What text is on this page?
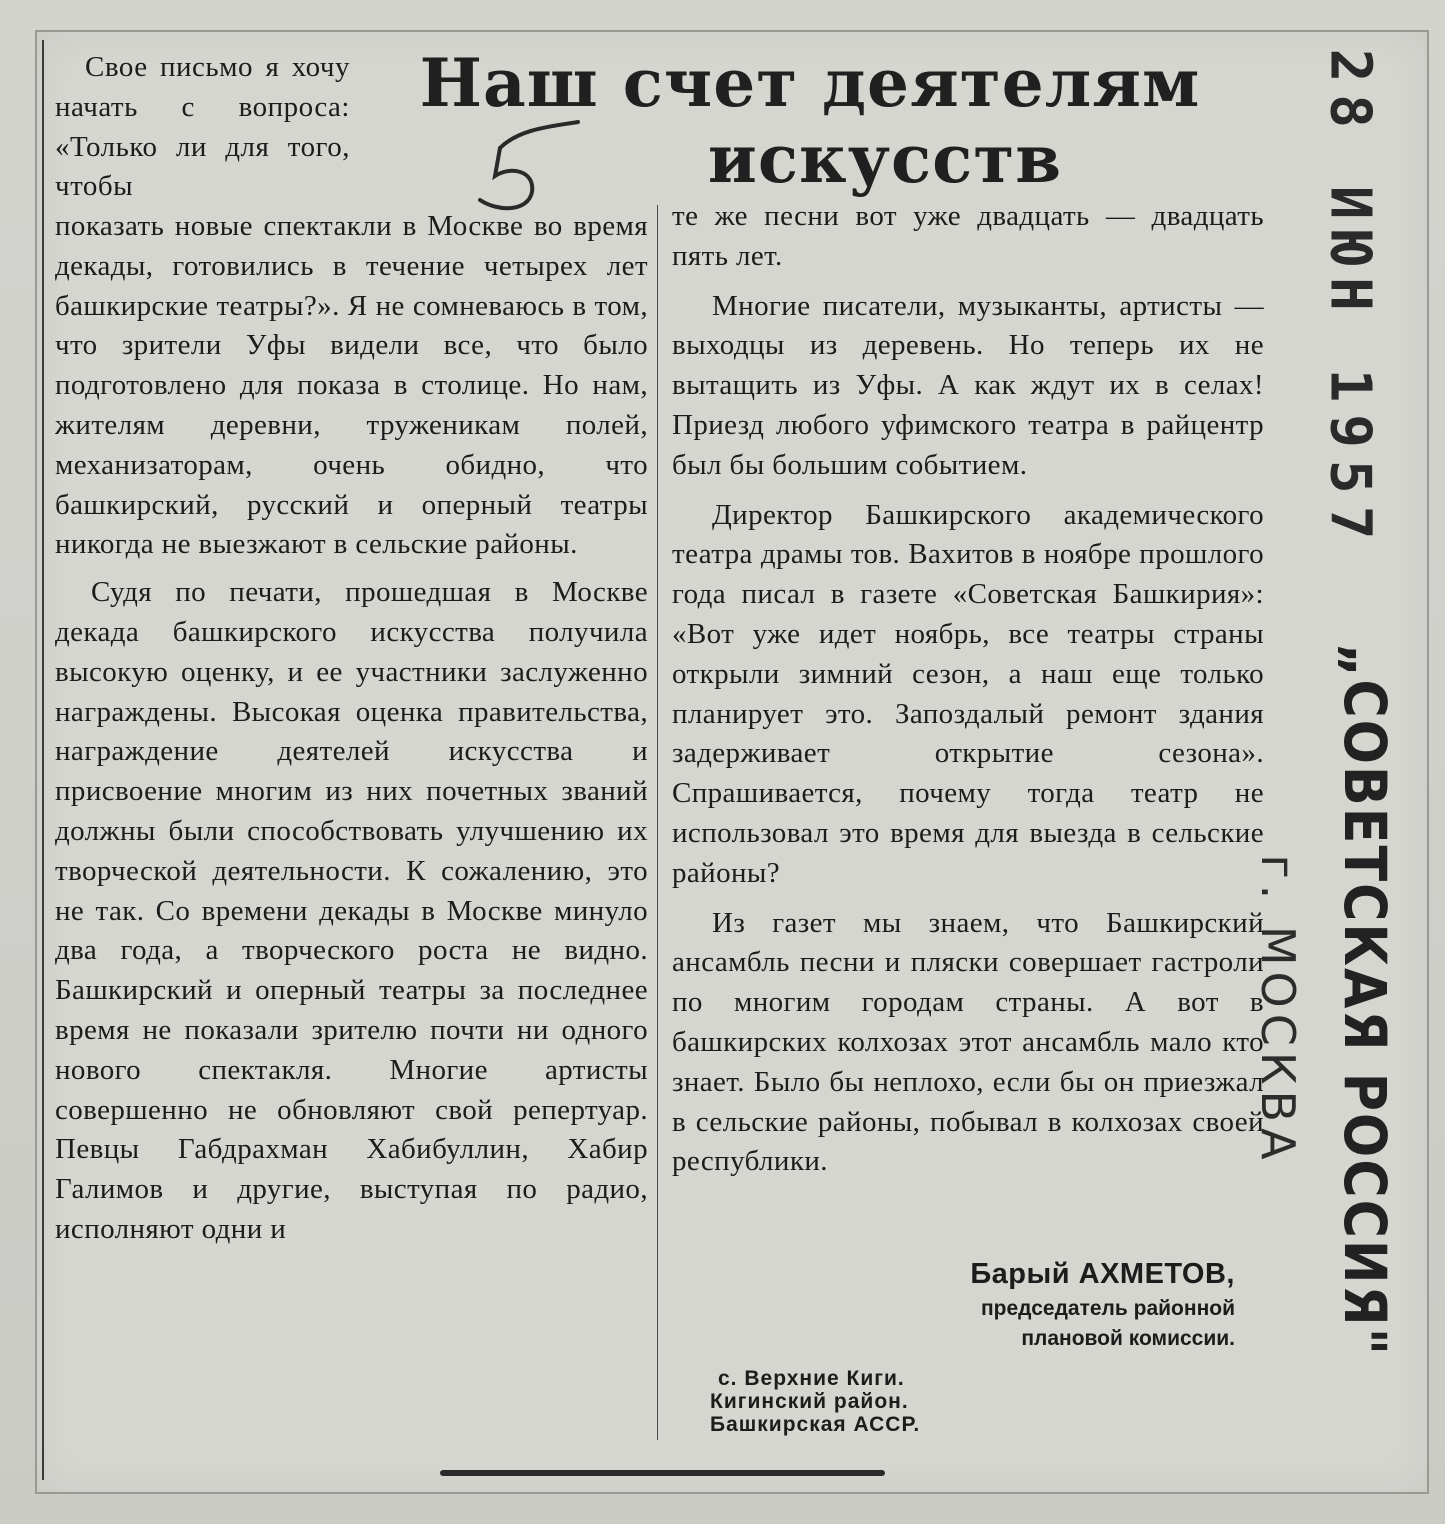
Наш счет деятелям
искусств

Свое письмо я хочу начать с вопроса: «Только ли для того, чтобы

показать новые спектакли в Москве во время декады, готовились в течение четырех лет башкирские театры?». Я не сомневаюсь в том, что зрители Уфы видели все, что было подготовлено для показа в столице. Но нам, жителям деревни, труженикам полей, механизаторам, очень обидно, что башкирский, русский и оперный театры никогда не выезжают в сельские районы.

Судя по печати, прошедшая в Москве декада башкирского искусства получила высокую оценку, и ее участники заслуженно награждены. Высокая оценка правительства, награждение деятелей искусства и присвоение многим из них почетных званий должны были способствовать улучшению их творческой деятельности. К сожалению, это не так. Со времени декады в Москве минуло два года, а творческого роста не видно. Башкирский и оперный театры за последнее время не показали зрителю почти ни одного нового спектакля. Многие артисты совершенно не обновляют свой репертуар. Певцы Габдрахман Хабибуллин, Хабир Галимов и другие, выступая по радио, исполняют одни и

те же песни вот уже двадцать — двадцать пять лет.

Многие писатели, музыканты, артисты — выходцы из деревень. Но теперь их не вытащить из Уфы. А как ждут их в селах! Приезд любого уфимского театра в райцентр был бы большим событием.

Директор Башкирского академического театра драмы тов. Вахитов в ноябре прошлого года писал в газете «Советская Башкирия»: «Вот уже идет ноябрь, все театры страны открыли зимний сезон, а наш еще только планирует это. Запоздалый ремонт здания задерживает открытие сезона». Спрашивается, почему тогда театр не использовал это время для выезда в сельские районы?

Из газет мы знаем, что Башкирский ансамбль песни и пляски совершает гастроли по многим городам страны. А вот в башкирских колхозах этот ансамбль мало кто знает. Было бы неплохо, если бы он приезжал в сельские районы, побывал в колхозах своей республики.

Барый АХМЕТОВ,
председатель районной
плановой комиссии.
с. Верхние Киги.
Кигинский район.
Башкирская АССР.
28 ИЮН 1957
„СОВЕТСКАЯ РОССИЯ"
г. МОСКВА
